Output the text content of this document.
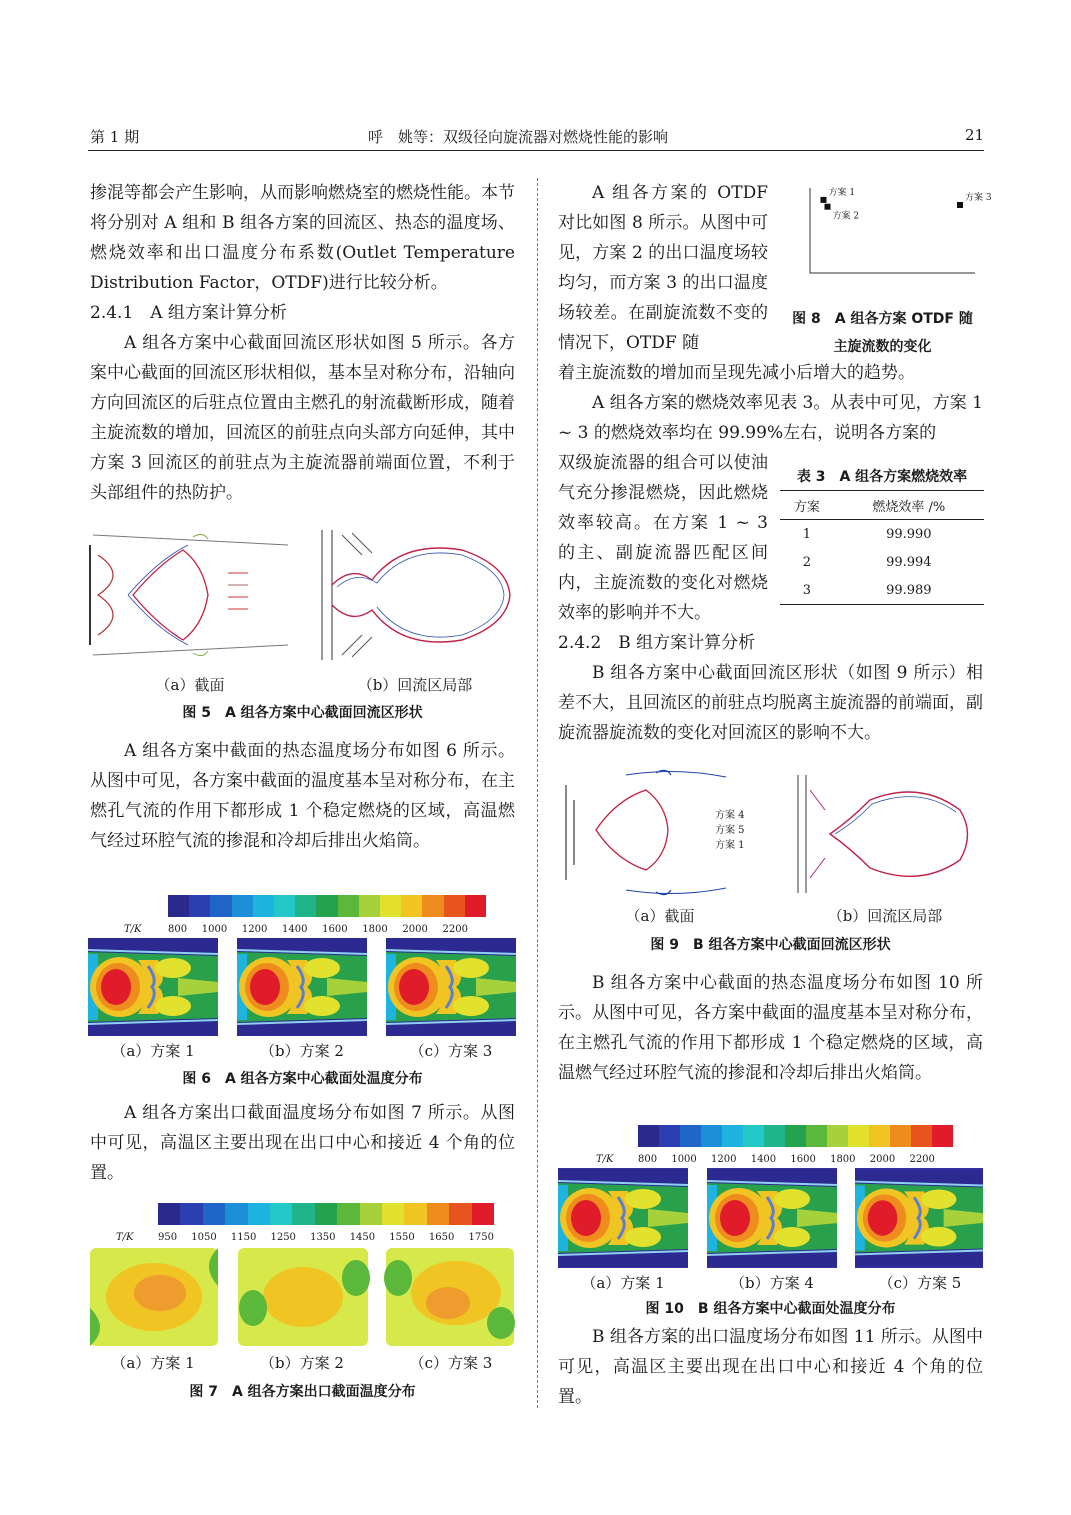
第 1 期	呼　姚等：双级径向旋流器对燃烧性能的影响	21

掺混等都会产生影响，从而影响燃烧室的燃烧性能。本节将分别对 A 组和 B 组各方案的回流区、热态的温度场、燃烧效率和出口温度分布系数(Outlet Temperature Distribution Factor，OTDF)进行比较分析。

2.4.1　A 组方案计算分析

A 组各方案中心截面回流区形状如图 5 所示。各方案中心截面的回流区形状相似，基本呈对称分布，沿轴向方向回流区的后驻点位置由主燃孔的射流截断形成，随着主旋流数的增加，回流区的前驻点向头部方向延伸，其中方案 3 回流区的前驻点为主旋流器前端面位置，不利于头部组件的热防护。

（a）截面	（b）回流区局部
图 5　A 组各方案中心截面回流区形状

A 组各方案中截面的热态温度场分布如图 6 所示。从图中可见，各方案中截面的温度基本呈对称分布，在主燃孔气流的作用下都形成 1 个稳定燃烧的区域，高温燃气经过环腔气流的掺混和冷却后排出火焰筒。

T/K	800 1000 1200 1400 1600 1800 2000 2200
（a）方案 1	（b）方案 2	（c）方案 3
图 6　A 组各方案中心截面处温度分布

A 组各方案出口截面温度场分布如图 7 所示。从图中可见，高温区主要出现在出口中心和接近 4 个角的位置。

T/K 950 1050 1150 1250 1350 1450 1550 1650 1750
（a）方案 1	（b）方案 2	（c）方案 3
图 7　A 组各方案出口截面温度分布

A 组各方案的 OTDF 对比如图 8 所示。从图中可见，方案 2 的出口温度场较均匀，而方案 3 的出口温度场较差。在副旋流数不变的情况下，OTDF 随

着主旋流数的增加而呈现先减小后增大的趋势。

方案 1
方案 2
方案 3
图 8　A 组各方案 OTDF 随
主旋流数的变化

A 组各方案的燃烧效率见表 3。从表中可见，方案 1 ~ 3 的燃烧效率均在 99.99%左右，说明各方案的

双级旋流器的组合可以使油气充分掺混燃烧，因此燃烧效率较高。在方案 1 ~ 3 的主、副旋流器匹配区间内，主旋流数的变化对燃烧效率的影响并不大。

表 3　A 组各方案燃烧效率
方案	燃烧效率 /%
1	99.990
2	99.994
3	99.989

2.4.2　B 组方案计算分析

B 组各方案中心截面回流区形状（如图 9 所示）相差不大，且回流区的前驻点均脱离主旋流器的前端面，副旋流器旋流数的变化对回流区的影响不大。

方案 4
方案 5
方案 1
（a）截面	（b）回流区局部
图 9　B 组各方案中心截面回流区形状

B 组各方案中心截面的热态温度场分布如图 10 所示。从图中可见，各方案中截面的温度基本呈对称分布，在主燃孔气流的作用下都形成 1 个稳定燃烧的区域，高温燃气经过环腔气流的掺混和冷却后排出火焰筒。

T/K 800 1000 1200 1400 1600 1800 2000 2200
（a）方案 1	（b）方案 4	（c）方案 5
图 10　B 组各方案中心截面处温度分布

B 组各方案的出口温度场分布如图 11 所示。从图中可见，高温区主要出现在出口中心和接近 4 个角的位置。
